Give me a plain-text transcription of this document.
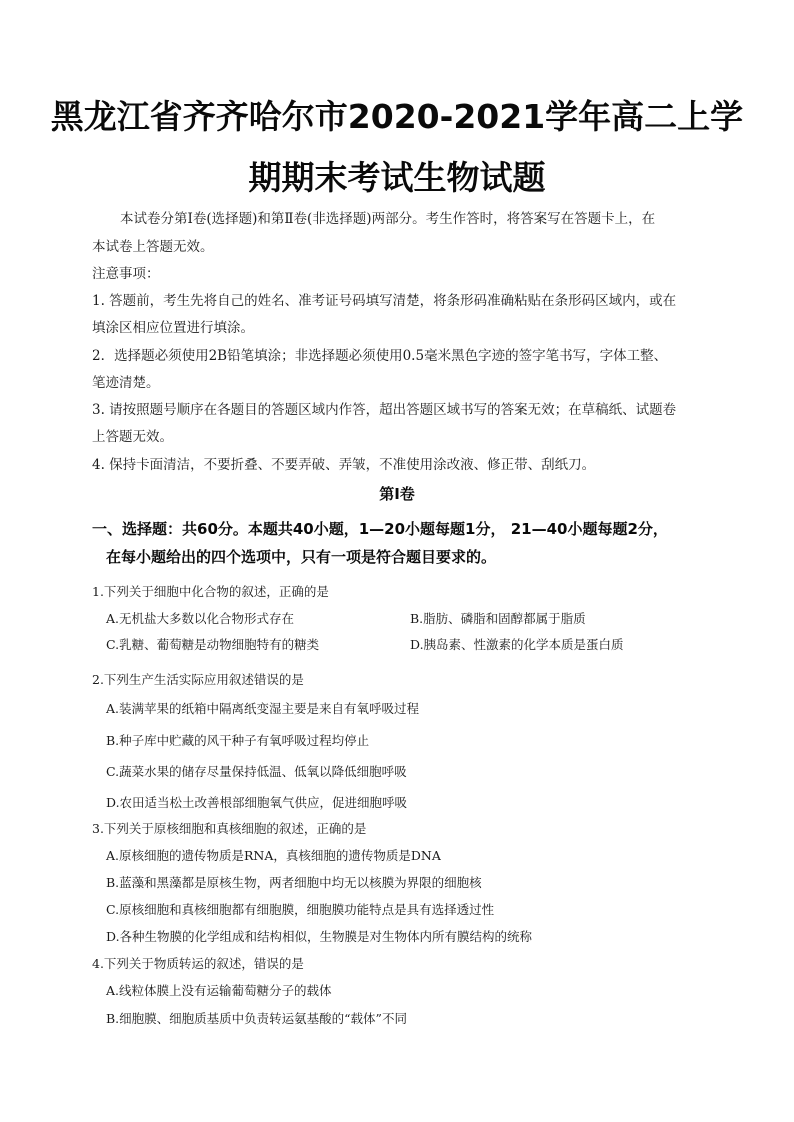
黑龙江省齐齐哈尔市2020-2021学年高二上学
期期末考试生物试题
本试卷分第Ⅰ卷(选择题)和第Ⅱ卷(非选择题)两部分。考生作答时，将答案写在答题卡上，在
本试卷上答题无效。
注意事项：
1. 答题前，考生先将自己的姓名、准考证号码填写清楚，将条形码准确粘贴在条形码区域内，或在
填涂区相应位置进行填涂。
2．选择题必须使用2B铅笔填涂；非选择题必须使用0.5毫米黑色字迹的签字笔书写，字体工整、
笔迹清楚。
3. 请按照题号顺序在各题目的答题区域内作答，超出答题区域书写的答案无效；在草稿纸、试题卷
上答题无效。
4. 保持卡面清洁，不要折叠、不要弄破、弄皱，不准使用涂改液、修正带、刮纸刀。
第Ⅰ卷
一、选择题：共60分。本题共40小题，1—20小题每题1分， 21—40小题每题2分，
在每小题给出的四个选项中，只有一项是符合题目要求的。
1.下列关于细胞中化合物的叙述，正确的是
A.无机盐大多数以化合物形式存在	B.脂肪、磷脂和固醇都属于脂质
C.乳糖、葡萄糖是动物细胞特有的糖类	D.胰岛素、性激素的化学本质是蛋白质
2.下列生产生活实际应用叙述错误的是
A.装满苹果的纸箱中隔离纸变湿主要是来自有氧呼吸过程
B.种子库中贮藏的风干种子有氧呼吸过程均停止
C.蔬菜水果的储存尽量保持低温、低氧以降低细胞呼吸
D.农田适当松土改善根部细胞氧气供应，促进细胞呼吸
3.下列关于原核细胞和真核细胞的叙述，正确的是
A.原核细胞的遗传物质是RNA，真核细胞的遗传物质是DNA
B.蓝藻和黑藻都是原核生物，两者细胞中均无以核膜为界限的细胞核
C.原核细胞和真核细胞都有细胞膜，细胞膜功能特点是具有选择透过性
D.各种生物膜的化学组成和结构相似，生物膜是对生物体内所有膜结构的统称
4.下列关于物质转运的叙述，错误的是
A.线粒体膜上没有运输葡萄糖分子的载体
B.细胞膜、细胞质基质中负责转运氨基酸的“载体”不同
